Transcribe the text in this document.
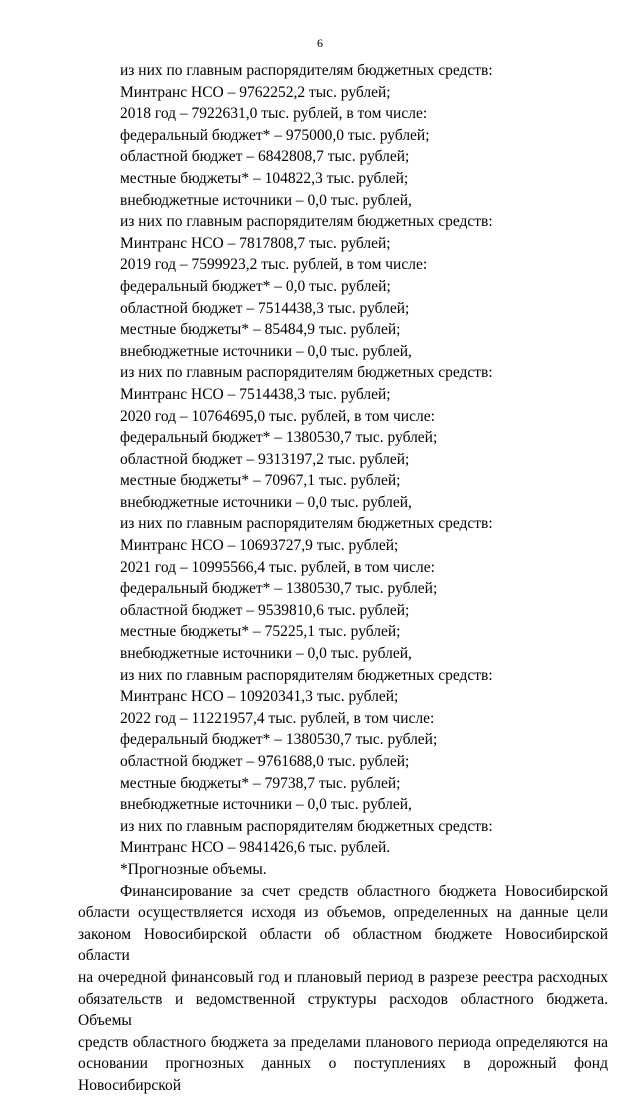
6
из них по главным распорядителям бюджетных средств:
Минтранс НСО – 9762252,2 тыс. рублей;
2018 год – 7922631,0 тыс. рублей, в том числе:
федеральный бюджет* – 975000,0 тыс. рублей;
областной бюджет – 6842808,7 тыс. рублей;
местные бюджеты* – 104822,3 тыс. рублей;
внебюджетные источники – 0,0 тыс. рублей,
из них по главным распорядителям бюджетных средств:
Минтранс НСО – 7817808,7 тыс. рублей;
2019 год – 7599923,2 тыс. рублей, в том числе:
федеральный бюджет* – 0,0 тыс. рублей;
областной бюджет – 7514438,3 тыс. рублей;
местные бюджеты* – 85484,9 тыс. рублей;
внебюджетные источники – 0,0 тыс. рублей,
из них по главным распорядителям бюджетных средств:
Минтранс НСО – 7514438,3 тыс. рублей;
2020 год – 10764695,0 тыс. рублей, в том числе:
федеральный бюджет* – 1380530,7 тыс. рублей;
областной бюджет – 9313197,2 тыс. рублей;
местные бюджеты* – 70967,1 тыс. рублей;
внебюджетные источники – 0,0 тыс. рублей,
из них по главным распорядителям бюджетных средств:
Минтранс НСО – 10693727,9 тыс. рублей;
2021 год – 10995566,4 тыс. рублей, в том числе:
федеральный бюджет* – 1380530,7 тыс. рублей;
областной бюджет – 9539810,6 тыс. рублей;
местные бюджеты* – 75225,1 тыс. рублей;
внебюджетные источники – 0,0 тыс. рублей,
из них по главным распорядителям бюджетных средств:
Минтранс НСО – 10920341,3 тыс. рублей;
2022 год – 11221957,4 тыс. рублей, в том числе:
федеральный бюджет* – 1380530,7 тыс. рублей;
областной бюджет – 9761688,0 тыс. рублей;
местные бюджеты* – 79738,7 тыс. рублей;
внебюджетные источники – 0,0 тыс. рублей,
из них по главным распорядителям бюджетных средств:
Минтранс НСО – 9841426,6 тыс. рублей.
*Прогнозные объемы.
Финансирование за счет средств областного бюджета Новосибирской
области осуществляется исходя из объемов, определенных на данные цели
законом Новосибирской области об областном бюджете Новосибирской области
на очередной финансовый год и плановый период в разрезе реестра расходных
обязательств и ведомственной структуры расходов областного бюджета. Объемы
средств областного бюджета за пределами планового периода определяются на
основании прогнозных данных о поступлениях в дорожный фонд Новосибирской
